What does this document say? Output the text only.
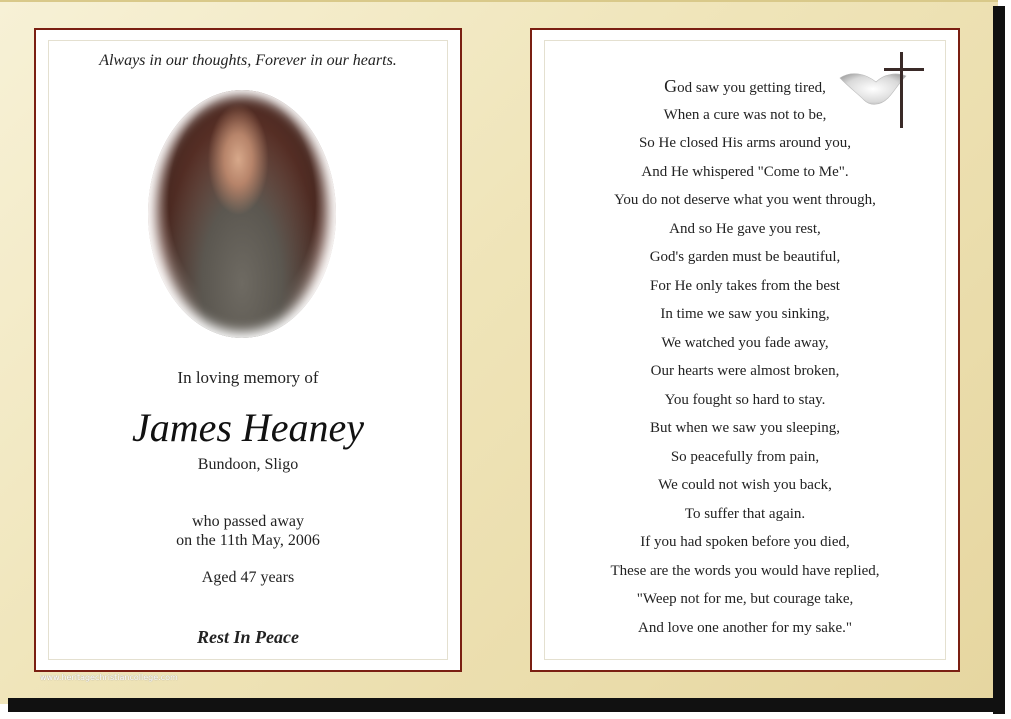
Always in our thoughts, Forever in our hearts.
In loving memory of
James Heaney
Bundoon, Sligo
who passed away
on the 11th May, 2006
Aged 47 years
Rest In Peace
www.heritagechristiancollege.com
God saw you getting tired,
When a cure was not to be,
So He closed His arms around you,
And He whispered "Come to Me".
You do not deserve what you went through,
And so He gave you rest,
God's garden must be beautiful,
For He only takes from the best
In time we saw you sinking,
We watched you fade away,
Our hearts were almost broken,
You fought so hard to stay.
But when we saw you sleeping,
So peacefully from pain,
We could not wish you back,
To suffer that again.
If you had spoken before you died,
These are the words you would have replied,
"Weep not for me, but courage take,
And love one another for my sake."
